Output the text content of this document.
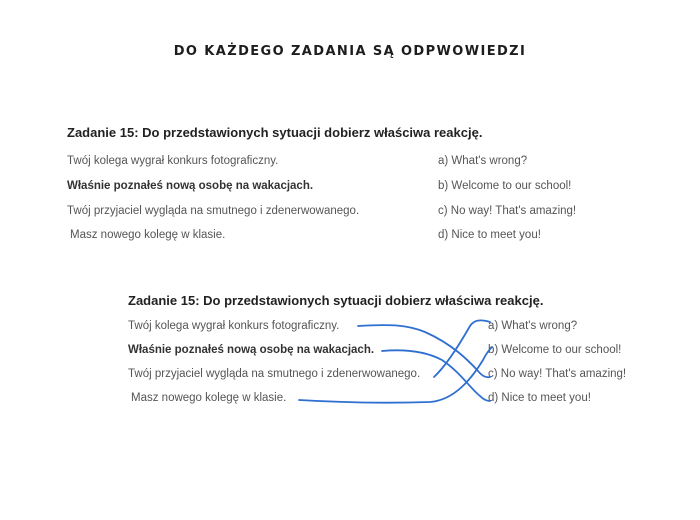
DO KAŻDEGO ZADANIA SĄ ODPWOWIEDZI
Zadanie 15: Do przedstawionych sytuacji dobierz właściwa reakcję.
Twój kolega wygrał konkurs fotograficzny.
Właśnie poznałeś nową osobę na wakacjach.
Twój przyjaciel wygląda na smutnego i zdenerwowanego.
Masz nowego kolegę w klasie.
a) What's wrong?
b) Welcome to our school!
c) No way! That's amazing!
d) Nice to meet you!
Zadanie 15: Do przedstawionych sytuacji dobierz właściwa reakcję.
Twój kolega wygrał konkurs fotograficzny.
Właśnie poznałeś nową osobę na wakacjach.
Twój przyjaciel wygląda na smutnego i zdenerwowanego.
Masz nowego kolegę w klasie.
a) What's wrong?
b) Welcome to our school!
c) No way! That's amazing!
d) Nice to meet you!
